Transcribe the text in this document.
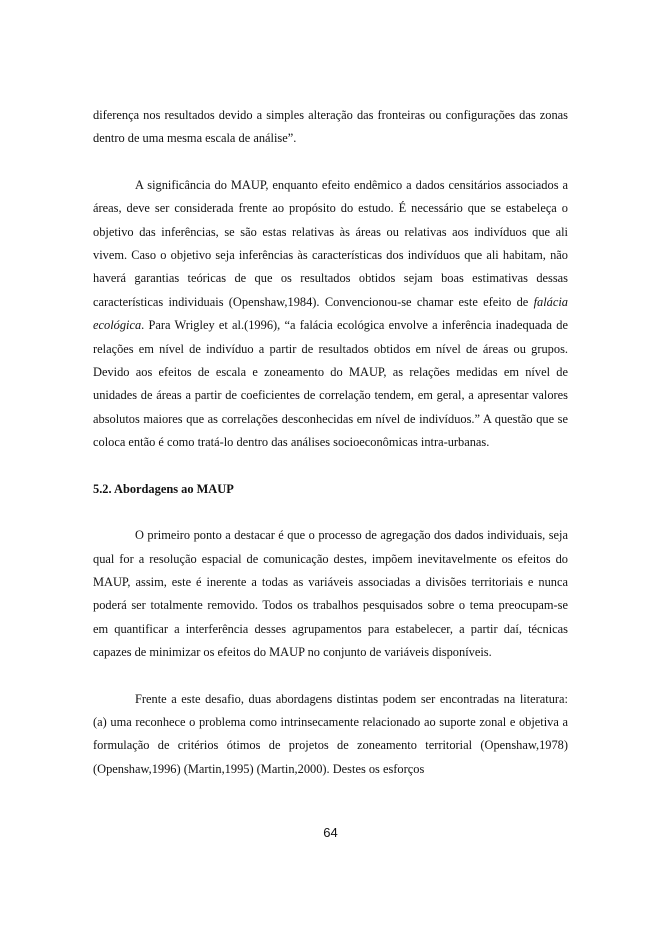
diferença nos resultados devido a simples alteração das fronteiras ou configurações das zonas dentro de uma mesma escala de análise”.

A significância do MAUP, enquanto efeito endêmico a dados censitários associados a áreas, deve ser considerada frente ao propósito do estudo. É necessário que se estabeleça o objetivo das inferências, se são estas relativas às áreas ou relativas aos indivíduos que ali vivem. Caso o objetivo seja inferências às características dos indivíduos que ali habitam, não haverá garantias teóricas de que os resultados obtidos sejam boas estimativas dessas características individuais (Openshaw,1984). Convencionou-se chamar este efeito de falácia ecológica. Para Wrigley et al.(1996), “a falácia ecológica envolve a inferência inadequada de relações em nível de indivíduo a partir de resultados obtidos em nível de áreas ou grupos. Devido aos efeitos de escala e zoneamento do MAUP, as relações medidas em nível de unidades de áreas a partir de coeficientes de correlação tendem, em geral, a apresentar valores absolutos maiores que as correlações desconhecidas em nível de indivíduos.” A questão que se coloca então é como tratá-lo dentro das análises socioeconômicas intra-urbanas.

5.2. Abordagens ao MAUP

O primeiro ponto a destacar é que o processo de agregação dos dados individuais, seja qual for a resolução espacial de comunicação destes, impõem inevitavelmente os efeitos do MAUP, assim, este é inerente a todas as variáveis associadas a divisões territoriais e nunca poderá ser totalmente removido. Todos os trabalhos pesquisados sobre o tema preocupam-se em quantificar a interferência desses agrupamentos para estabelecer, a partir daí, técnicas capazes de minimizar os efeitos do MAUP no conjunto de variáveis disponíveis.

Frente a este desafio, duas abordagens distintas podem ser encontradas na literatura: (a) uma reconhece o problema como intrinsecamente relacionado ao suporte zonal e objetiva a formulação de critérios ótimos de projetos de zoneamento territorial (Openshaw,1978) (Openshaw,1996) (Martin,1995) (Martin,2000). Destes os esforços

64
